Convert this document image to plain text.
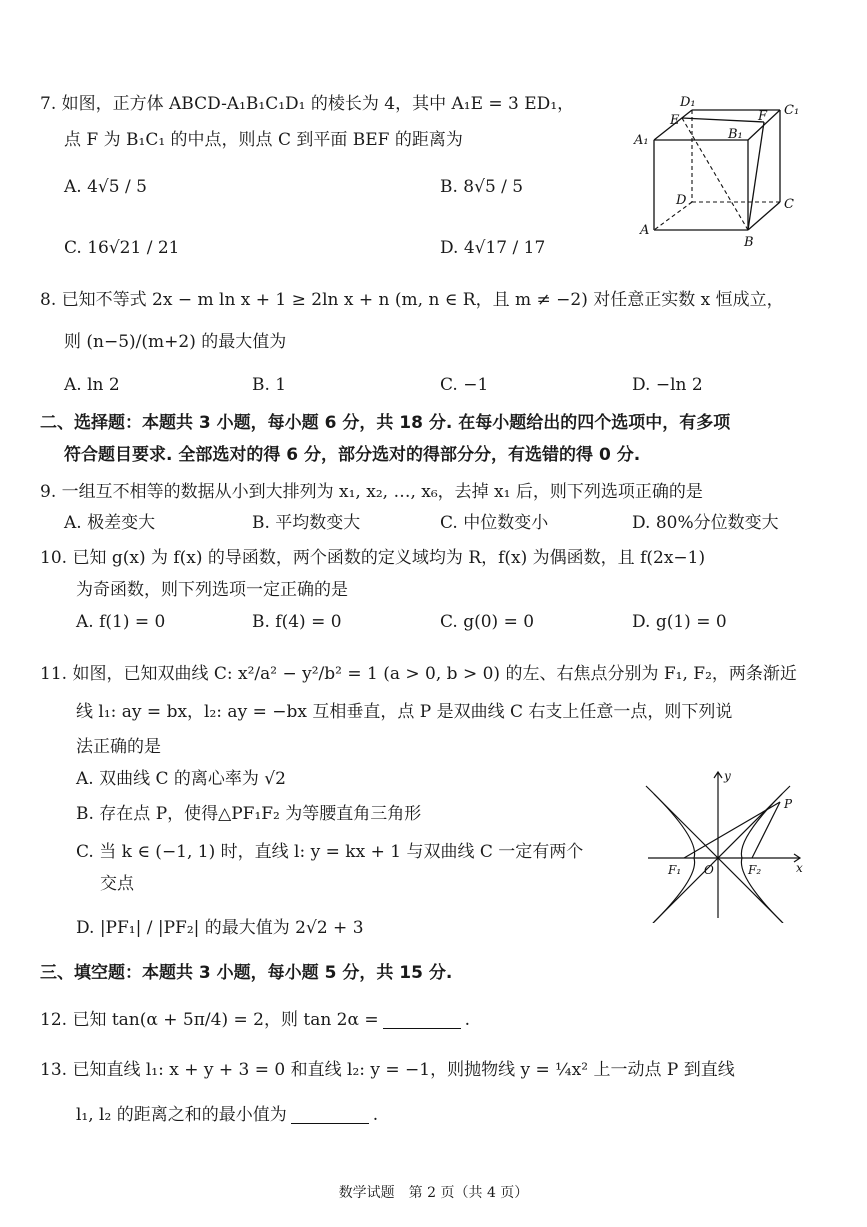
7. 如图，正方体 ABCD-A₁B₁C₁D₁ 的棱长为 4，其中 A₁E = 3 ED₁，
点 F 为 B₁C₁ 的中点，则点 C 到平面 BEF 的距离为
A. 4√5 / 5	B. 8√5 / 5
C. 16√21 / 21	D. 4√17 / 17
D₁
C₁
E
B₁
F
A₁
D	C
A
B
8. 已知不等式 2x − m ln x + 1 ≥ 2ln x + n (m, n ∈ R，且 m ≠ −2) 对任意正实数 x 恒成立，
则 (n−5)/(m+2) 的最大值为
A. ln 2	B. 1	C. −1	D. −ln 2
二、选择题：本题共 3 小题，每小题 6 分，共 18 分. 在每小题给出的四个选项中，有多项
符合题目要求. 全部选对的得 6 分，部分选对的得部分分，有选错的得 0 分.
9. 一组互不相等的数据从小到大排列为 x₁, x₂, …, x₆，去掉 x₁ 后，则下列选项正确的是
A. 极差变大	B. 平均数变大	C. 中位数变小	D. 80%分位数变大
10. 已知 g(x) 为 f(x) 的导函数，两个函数的定义域均为 R，f(x) 为偶函数，且 f(2x−1)
为奇函数，则下列选项一定正确的是
A. f(1) = 0	B. f(4) = 0	C. g(0) = 0	D. g(1) = 0
11. 如图，已知双曲线 C: x²/a² − y²/b² = 1 (a > 0, b > 0) 的左、右焦点分别为 F₁, F₂，两条渐近
线 l₁: ay = bx，l₂: ay = −bx 互相垂直，点 P 是双曲线 C 右支上任意一点，则下列说
法正确的是
A. 双曲线 C 的离心率为 √2
B. 存在点 P，使得△PF₁F₂ 为等腰直角三角形
C. 当 k ∈ (−1, 1) 时，直线 l: y = kx + 1 与双曲线 C 一定有两个
交点
D. |PF₁| / |PF₂| 的最大值为 2√2 + 3
y
P
F₁ O	F₂	x
三、填空题：本题共 3 小题，每小题 5 分，共 15 分.
12. 已知 tan(α + 5π/4) = 2，则 tan 2α =	.
13. 已知直线 l₁: x + y + 3 = 0 和直线 l₂: y = −1，则抛物线 y = ¼x² 上一动点 P 到直线
l₁, l₂ 的距离之和的最小值为	.
数学试题　第 2 页（共 4 页）
